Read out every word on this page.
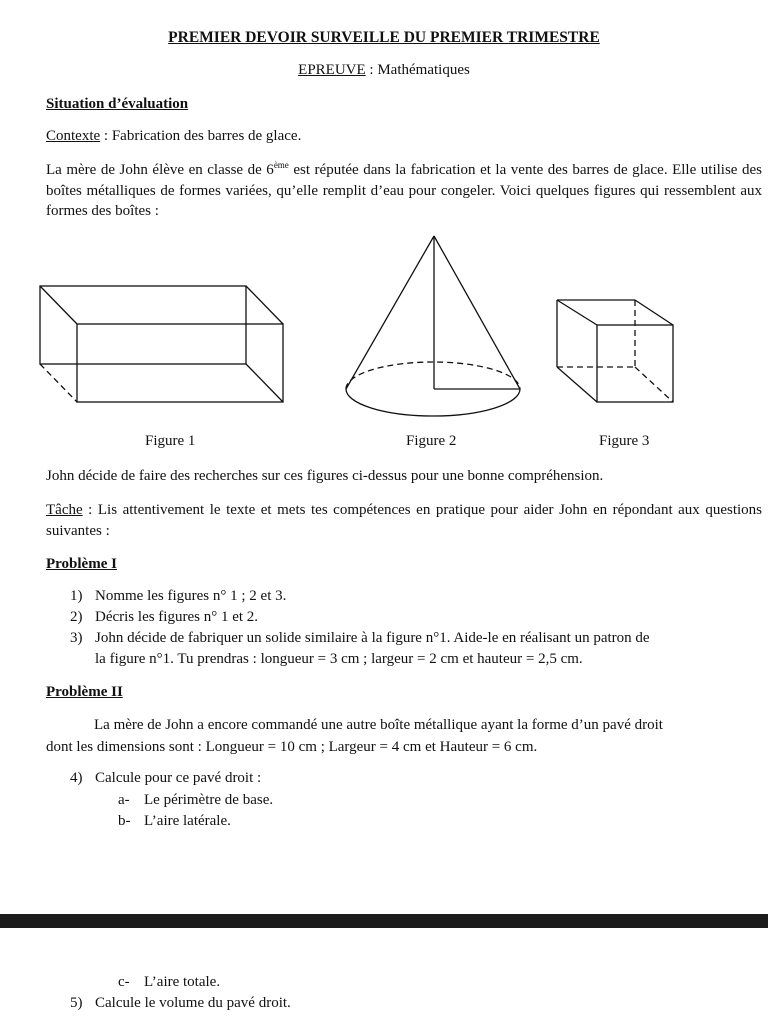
PREMIER DEVOIR SURVEILLE DU PREMIER TRIMESTRE
EPREUVE : Mathématiques
Situation d’évaluation
Contexte : Fabrication des barres de glace.
La mère de John élève en classe de 6ème est réputée dans la fabrication et la vente des barres de glace. Elle utilise des boîtes métalliques de formes variées, qu’elle remplit d’eau pour congeler. Voici quelques figures qui ressemblent aux formes des boîtes :
Figure 1	Figure 2	Figure 3
John décide de faire des recherches sur ces figures ci-dessus pour une bonne compréhension.
Tâche : Lis attentivement le texte et mets tes compétences en pratique pour aider John en répondant aux questions suivantes :
Problème I
1) Nomme les figures n° 1 ; 2 et 3.
2) Décris les figures n° 1 et 2.
3) John décide de fabriquer un solide similaire à la figure n°1. Aide-le en réalisant un patron de
la figure n°1. Tu prendras : longueur = 3 cm ; largeur = 2 cm et hauteur = 2,5 cm.
Problème II
La mère de John a encore commandé une autre boîte métallique ayant la forme d’un pavé droit
dont les dimensions sont : Longueur = 10 cm ; Largeur = 4 cm et Hauteur = 6 cm.
4) Calcule pour ce pavé droit :
a- Le périmètre de base.
b- L’aire latérale.
c- L’aire totale.
5) Calcule le volume du pavé droit.
